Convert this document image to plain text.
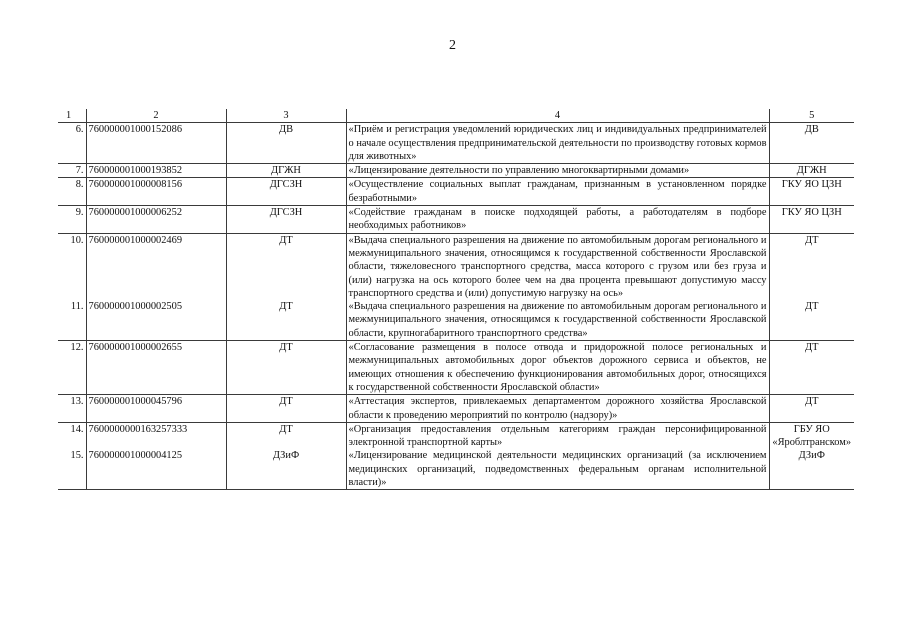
2
1	2	3	4	5
6.	760000001000152086	ДВ	«Приём и регистрация уведомлений юридических лиц и индивидуальных предпринимателей о начале осуществления предпринимательской деятельности по производству готовых кормов для животных»	ДВ
7.	760000001000193852	ДГЖН	«Лицензирование деятельности по управлению многоквартирными домами»	ДГЖН
8.	760000001000008156	ДГСЗН	«Осуществление социальных выплат гражданам, признанным в установленном порядке безработными»	ГКУ ЯО ЦЗН
9.	760000001000006252	ДГСЗН	«Содействие гражданам в поиске подходящей работы, а работодателям в подборе необходимых работников»	ГКУ ЯО ЦЗН
10.	760000001000002469	ДТ	«Выдача специального разрешения на движение по автомобильным дорогам регионального и межмуниципального значения, относящимся к государственной собственности Ярославской области, тяжеловесного транспортного средства, масса которого с грузом или без груза и (или) нагрузка на ось которого более чем на два процента превышают допустимую массу транспортного средства и (или) допустимую нагрузку на ось»	ДТ
11.	760000001000002505	ДТ	«Выдача специального разрешения на движение по автомобильным дорогам регионального и межмуниципального значения, относящимся к государственной собственности Ярославской области, крупногабаритного транспортного средства»	ДТ
12.	760000001000002655	ДТ	«Согласование размещения в полосе отвода и придорожной полосе региональных и межмуниципальных автомобильных дорог объектов дорожного сервиса и объектов, не имеющих отношения к обеспечению функционирования автомобильных дорог, относящихся к государственной собственности Ярославской области»	ДТ
13.	760000001000045796	ДТ	«Аттестация экспертов, привлекаемых департаментом дорожного хозяйства Ярославской области к проведению мероприятий по контролю (надзору)»	ДТ
14.	7600000000163257333	ДТ	«Организация предоставления отдельным категориям граждан персонифицированной электронной транспортной карты»	ГБУ ЯО «Яроблтранском»
15.	760000001000004125	ДЗиФ	«Лицензирование медицинской деятельности медицинских организаций (за исключением медицинских организаций, подведомственных федеральным органам исполнительной власти)»	ДЗиФ
